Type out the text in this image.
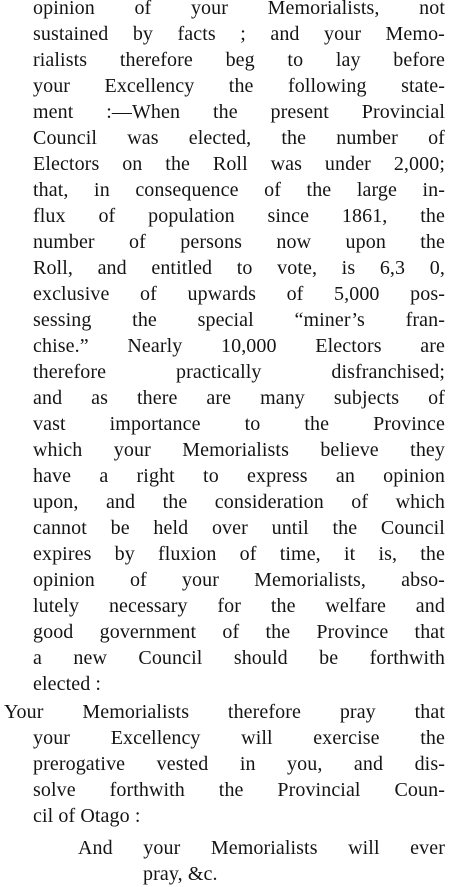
opinion of your Memorialists, not
sustained by facts ; and your Memo-
rialists therefore beg to lay before
your Excellency the following state-
ment :—When the present Provincial
Council was elected, the number of
Electors on the Roll was under 2,000;
that, in consequence of the large in-
flux of population since 1861, the
number of persons now upon the
Roll, and entitled to vote, is 6,3 0,
exclusive of upwards of 5,000 pos-
sessing the special “miner’s fran-
chise.” Nearly 10,000 Electors are
therefore	practically	disfranchised;
and as there are many subjects of
vast importance to the Province
which your Memorialists believe they
have a right to express an opinion
upon, and the consideration of which
cannot be held over until the Council
expires by fluxion of time, it is, the
opinion of your Memorialists, abso-
lutely necessary for the welfare and
good government of the Province that
a new Council should be forthwith
elected :
Your Memorialists therefore pray that
your Excellency will exercise the
prerogative vested in you, and dis-
solve forthwith the Provincial Coun-
cil of Otago :
And your Memorialists will ever
pray, &c.
